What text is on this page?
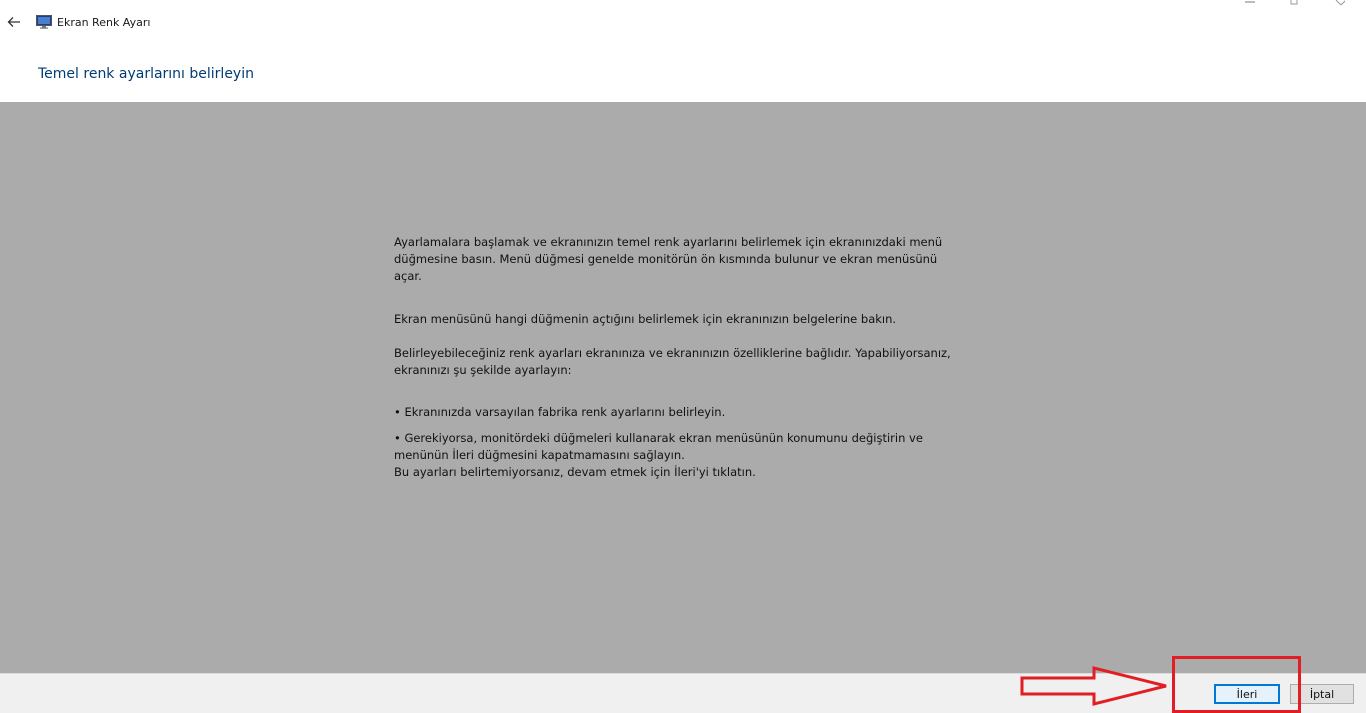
Ekran Renk Ayarı
Temel renk ayarlarını belirleyin
Ayarlamalara başlamak ve ekranınızın temel renk ayarlarını belirlemek için ekranınızdaki menü düğmesine basın. Menü düğmesi genelde monitörün ön kısmında bulunur ve ekran menüsünü açar.
Ekran menüsünü hangi düğmenin açtığını belirlemek için ekranınızın belgelerine bakın.
Belirleyebileceğiniz renk ayarları ekranınıza ve ekranınızın özelliklerine bağlıdır. Yapabiliyorsanız, ekranınızı şu şekilde ayarlayın:
• Ekranınızda varsayılan fabrika renk ayarlarını belirleyin.
• Gerekiyorsa, monitördeki düğmeleri kullanarak ekran menüsünün konumunu değiştirin ve menünün İleri düğmesini kapatmamasını sağlayın.
Bu ayarları belirtemiyorsanız, devam etmek için İleri'yi tıklatın.
İleri	İptal
